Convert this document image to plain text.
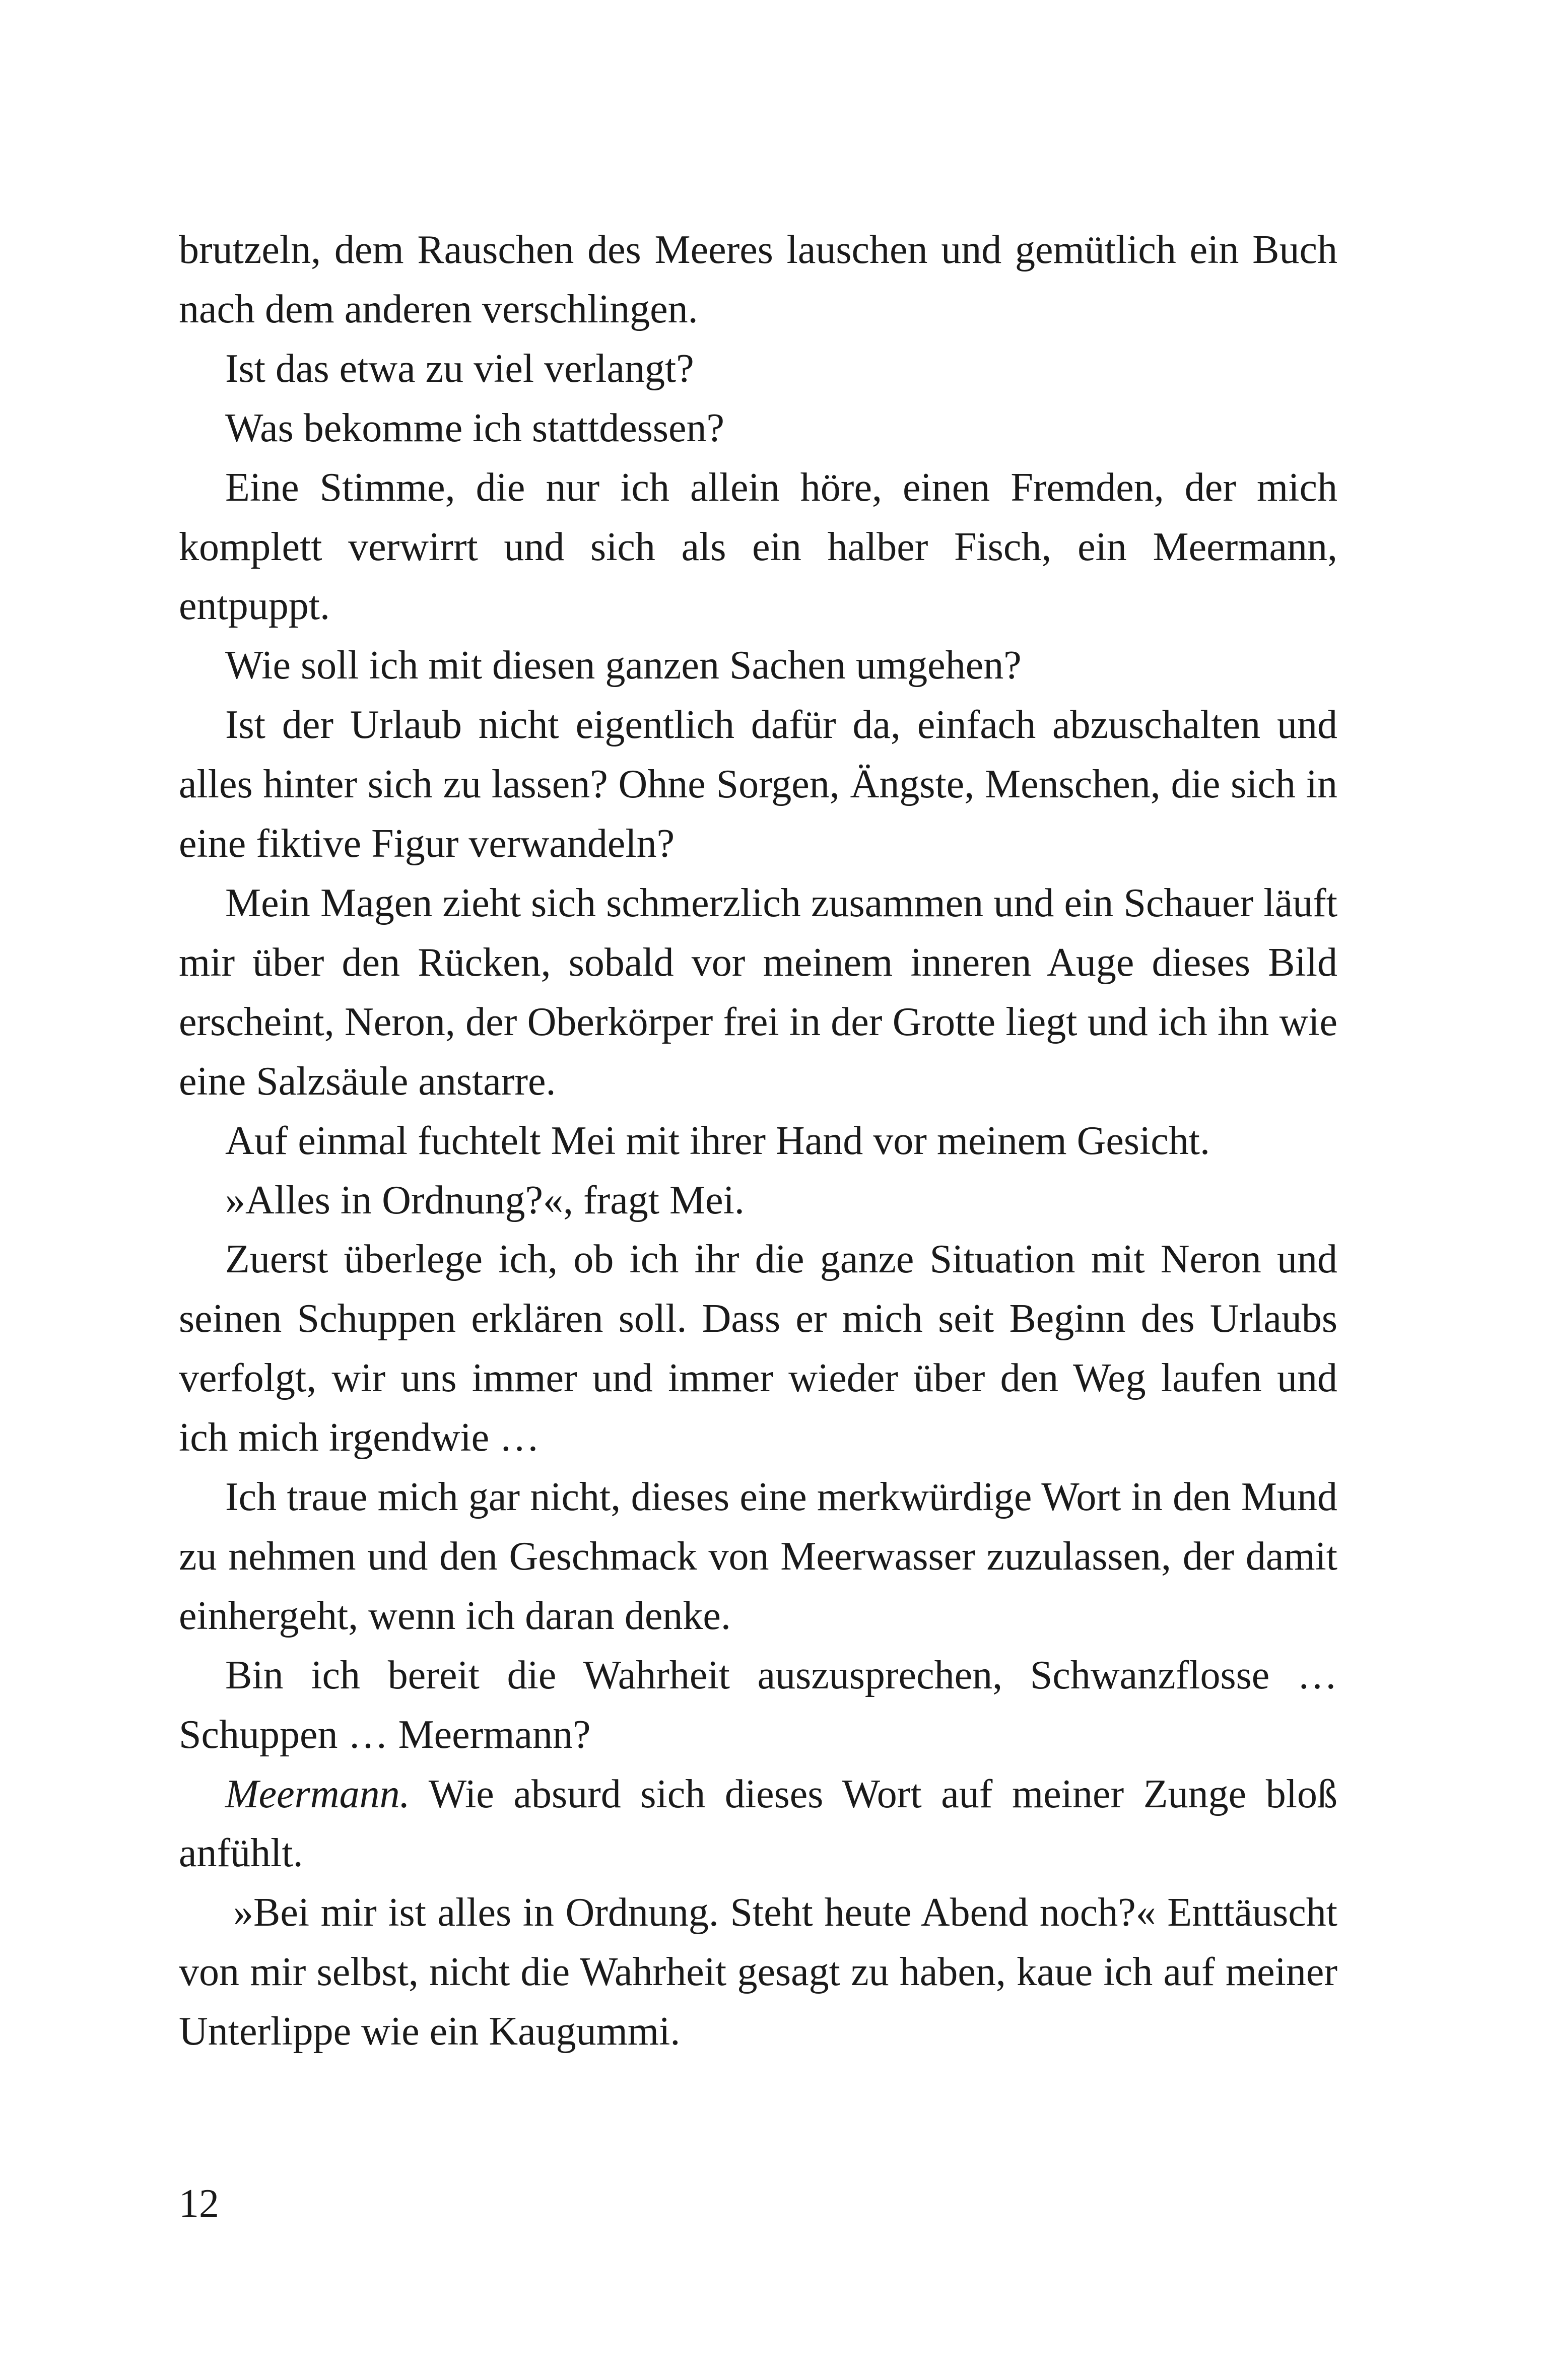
brutzeln, dem Rauschen des Meeres lauschen und gemütlich ein Buch nach dem anderen verschlingen.

Ist das etwa zu viel verlangt?

Was bekomme ich stattdessen?

Eine Stimme, die nur ich allein höre, einen Fremden, der mich komplett verwirrt und sich als ein halber Fisch, ein Meermann, entpuppt.

Wie soll ich mit diesen ganzen Sachen umgehen?

Ist der Urlaub nicht eigentlich dafür da, einfach abzuschalten und alles hinter sich zu lassen? Ohne Sorgen, Ängste, Menschen, die sich in eine fiktive Figur verwandeln?

Mein Magen zieht sich schmerzlich zusammen und ein Schauer läuft mir über den Rücken, sobald vor meinem inneren Auge dieses Bild erscheint, Neron, der Oberkörper frei in der Grotte liegt und ich ihn wie eine Salzsäule anstarre.

Auf einmal fuchtelt Mei mit ihrer Hand vor meinem Gesicht.

»Alles in Ordnung?«, fragt Mei.

Zuerst überlege ich, ob ich ihr die ganze Situation mit Neron und seinen Schuppen erklären soll. Dass er mich seit Beginn des Urlaubs verfolgt, wir uns immer und immer wieder über den Weg laufen und ich mich irgendwie …

Ich traue mich gar nicht, dieses eine merkwürdige Wort in den Mund zu nehmen und den Geschmack von Meerwasser zuzulassen, der damit einhergeht, wenn ich daran denke.

Bin ich bereit die Wahrheit auszusprechen, Schwanzflosse … Schuppen … Meermann?

Meermann. Wie absurd sich dieses Wort auf meiner Zunge bloß anfühlt.

»Bei mir ist alles in Ordnung. Steht heute Abend noch?« Enttäuscht von mir selbst, nicht die Wahrheit gesagt zu haben, kaue ich auf meiner Unterlippe wie ein Kaugummi.

12
